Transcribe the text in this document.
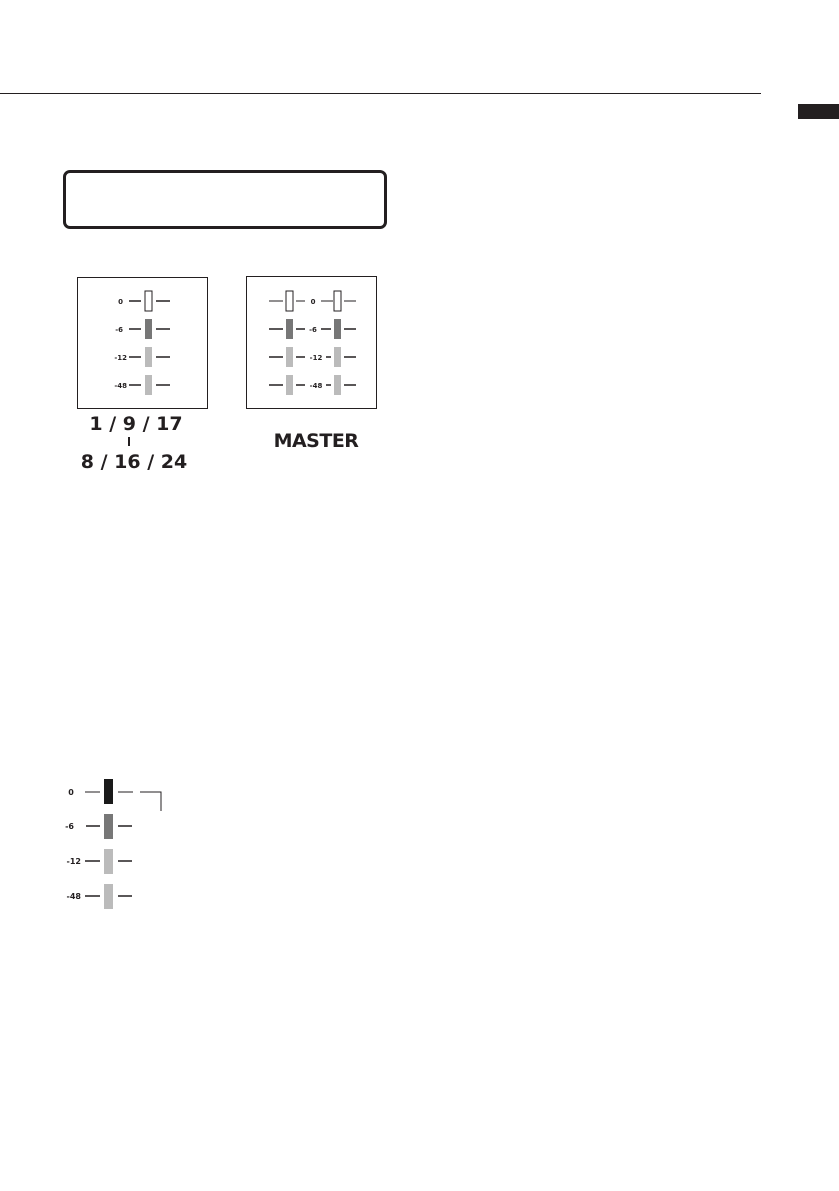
0
-6
-12
-48
1 / 9 / 17
8 / 16 / 24
0
-6
-12
-48
MASTER
0
-6
-12
-48
